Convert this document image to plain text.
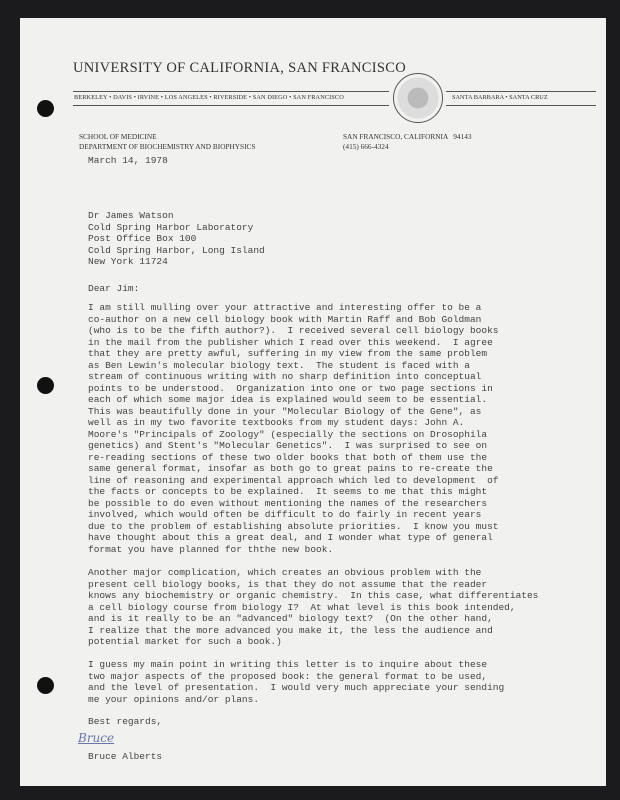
UNIVERSITY OF CALIFORNIA, SAN FRANCISCO
BERKELEY • DAVIS • IRVINE • LOS ANGELES • RIVERSIDE • SAN DIEGO • SAN FRANCISCO	SANTA BARBARA • SANTA CRUZ
SCHOOL OF MEDICINE
DEPARTMENT OF BIOCHEMISTRY AND BIOPHYSICS
SAN FRANCISCO, CALIFORNIA   94143
(415) 666-4324
March 14, 1978
Dr James Watson
Cold Spring Harbor Laboratory
Post Office Box 100
Cold Spring Harbor, Long Island
New York 11724
Dear Jim:
I am still mulling over your attractive and interesting offer to be a
co-author on a new cell biology book with Martin Raff and Bob Goldman
(who is to be the fifth author?).  I received several cell biology books
in the mail from the publisher which I read over this weekend.  I agree
that they are pretty awful, suffering in my view from the same problem
as Ben Lewin's molecular biology text.  The student is faced with a
stream of continuous writing with no sharp definition into conceptual
points to be understood.  Organization into one or two page sections in
each of which some major idea is explained would seem to be essential.
This was beautifully done in your "Molecular Biology of the Gene", as
well as in my two favorite textbooks from my student days: John A.
Moore's "Principals of Zoology" (especially the sections on Drosophila
genetics) and Stent's "Molecular Genetics".  I was surprised to see on
re-reading sections of these two older books that both of them use the
same general format, insofar as both go to great pains to re-create the
line of reasoning and experimental approach which led to development  of
the facts or concepts to be explained.  It seems to me that this might
be possible to do even without mentioning the names of the researchers
involved, which would often be difficult to do fairly in recent years
due to the problem of establishing absolute priorities.  I know you must
have thought about this a great deal, and I wonder what type of general
format you have planned for ththe new book.
Another major complication, which creates an obvious problem with the
present cell biology books, is that they do not assume that the reader
knows any biochemistry or organic chemistry.  In this case, what differentiates
a cell biology course from biology I?  At what level is this book intended,
and is it really to be an "advanced" biology text?  (On the other hand,
I realize that the more advanced you make it, the less the audience and
potential market for such a book.)
I guess my main point in writing this letter is to inquire about these
two major aspects of the proposed book: the general format to be used,
and the level of presentation.  I would very much appreciate your sending
me your opinions and/or plans.
Best regards,
Bruce
Bruce Alberts
